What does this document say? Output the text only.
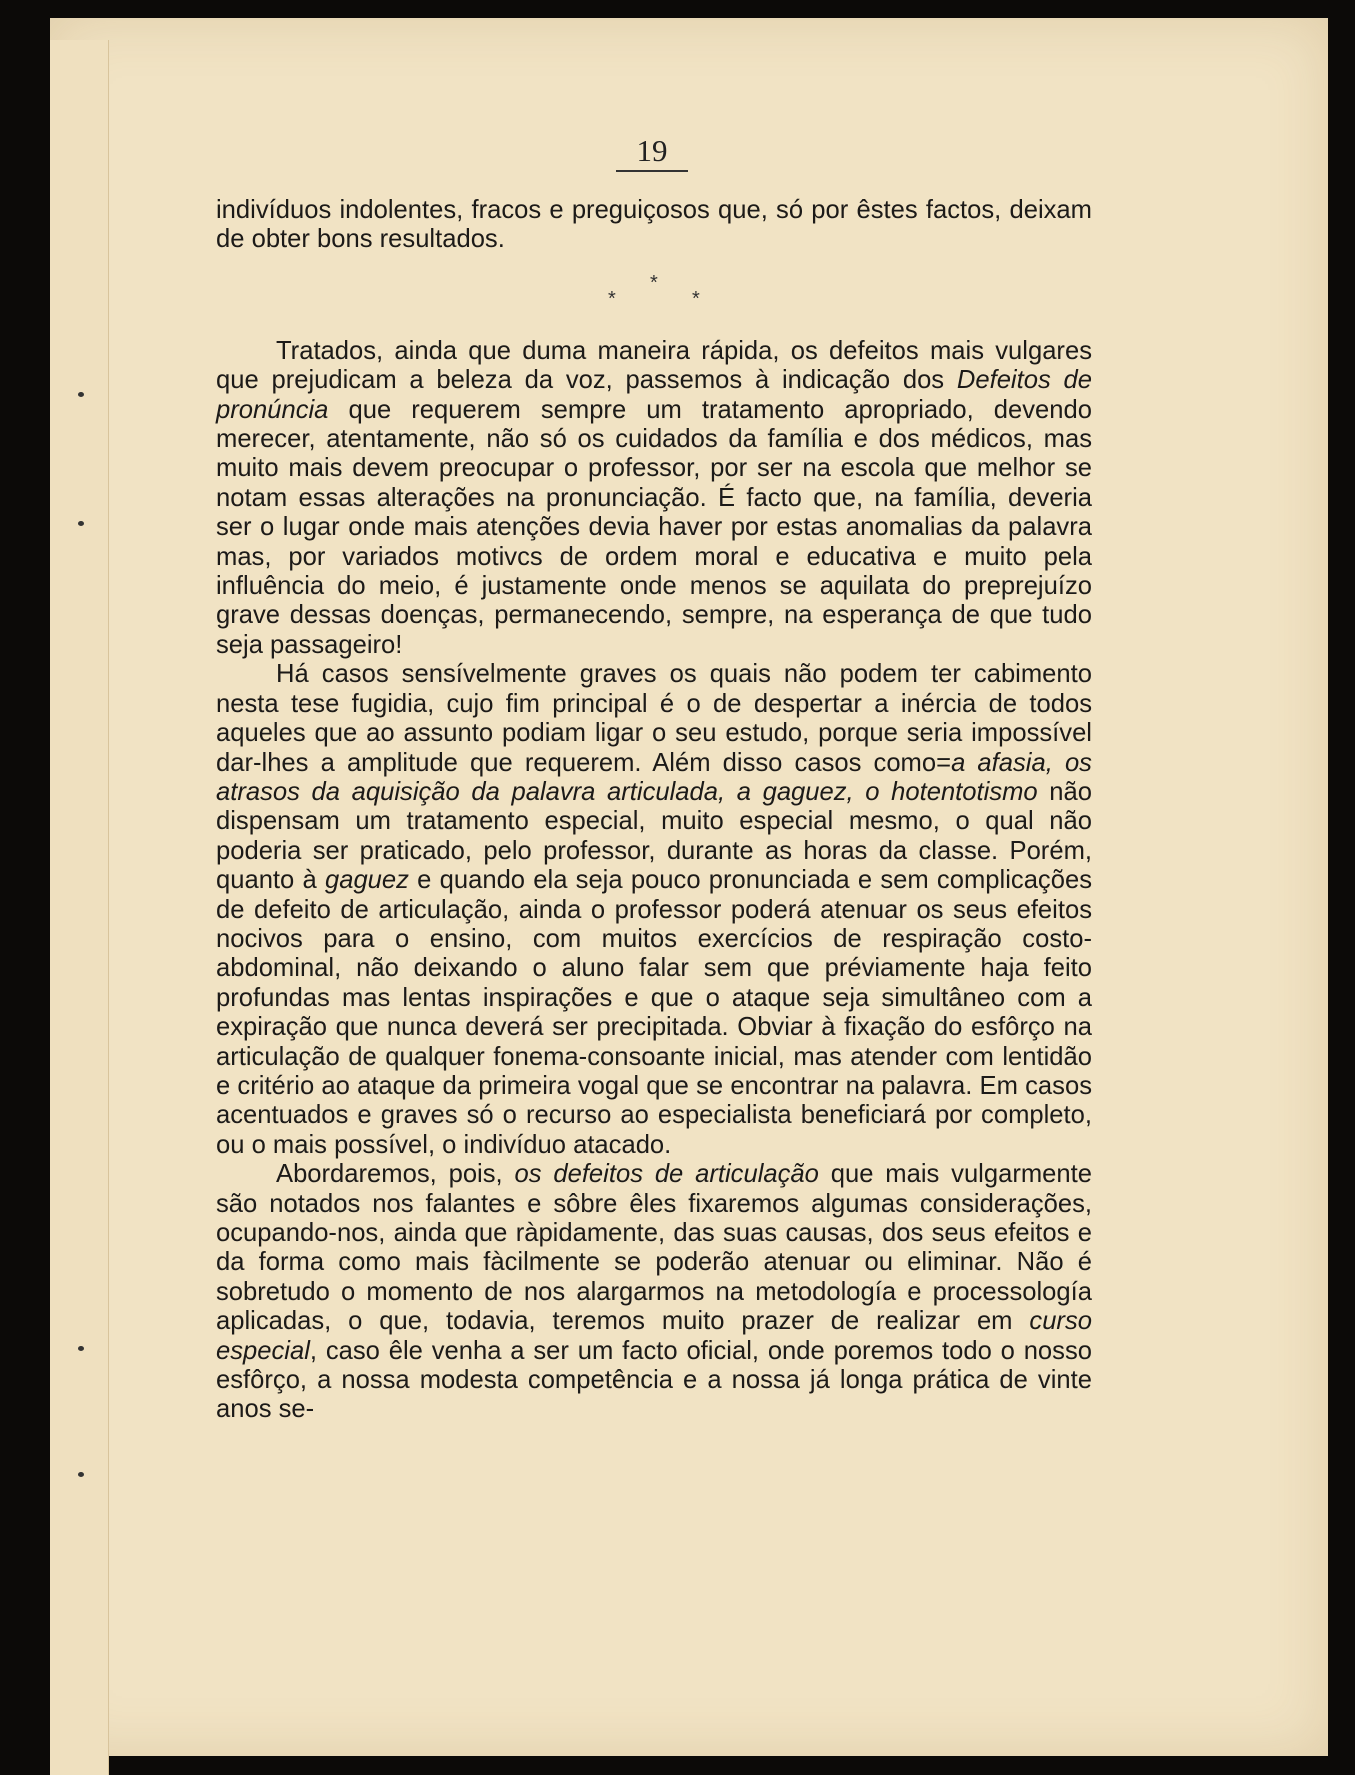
19

indivíduos indolentes, fracos e preguiçosos que, só por êstes factos, deixam de obter bons resultados.

*
*	*

Tratados, ainda que duma maneira rápida, os defeitos mais vulgares que prejudicam a beleza da voz, passemos à indicação dos Defeitos de pronúncia que requerem sempre um tratamento apropriado, devendo merecer, atentamente, não só os cuidados da família e dos médicos, mas muito mais devem preocupar o professor, por ser na escola que melhor se notam essas alterações na pronunciação. É facto que, na família, deveria ser o lugar onde mais atenções devia haver por estas anomalias da palavra mas, por variados motivcs de ordem moral e educativa e muito pela influência do meio, é justamente onde menos se aquilata do preprejuízo grave dessas doenças, permanecendo, sempre, na esperança de que tudo seja passageiro!

Há casos sensívelmente graves os quais não podem ter cabimento nesta tese fugidia, cujo fim principal é o de despertar a inércia de todos aqueles que ao assunto podiam ligar o seu estudo, porque seria impossível dar-lhes a amplitude que requerem. Além disso casos como=a afasia, os atrasos da aquisição da palavra articulada, a gaguez, o hotentotismo não dispensam um tratamento especial, muito especial mesmo, o qual não poderia ser praticado, pelo professor, durante as horas da classe. Porém, quanto à gaguez e quando ela seja pouco pronunciada e sem complicações de defeito de articulação, ainda o professor poderá atenuar os seus efeitos nocivos para o ensino, com muitos exercícios de respiração costo-abdominal, não deixando o aluno falar sem que préviamente haja feito profundas mas lentas inspirações e que o ataque seja simultâneo com a expiração que nunca deverá ser precipitada. Obviar à fixação do esfôrço na articulação de qualquer fonema-consoante inicial, mas atender com lentidão e critério ao ataque da primeira vogal que se encontrar na palavra. Em casos acentuados e graves só o recurso ao especialista beneficiará por completo, ou o mais possível, o indivíduo atacado.

Abordaremos, pois, os defeitos de articulação que mais vulgarmente são notados nos falantes e sôbre êles fixaremos algumas considerações, ocupando-nos, ainda que ràpidamente, das suas causas, dos seus efeitos e da forma como mais fàcilmente se poderão atenuar ou eliminar. Não é sobretudo o momento de nos alargarmos na metodología e processología aplicadas, o que, todavia, teremos muito prazer de realizar em curso especial, caso êle venha a ser um facto oficial, onde poremos todo o nosso esfôrço, a nossa modesta competência e a nossa já longa prática de vinte anos se-
